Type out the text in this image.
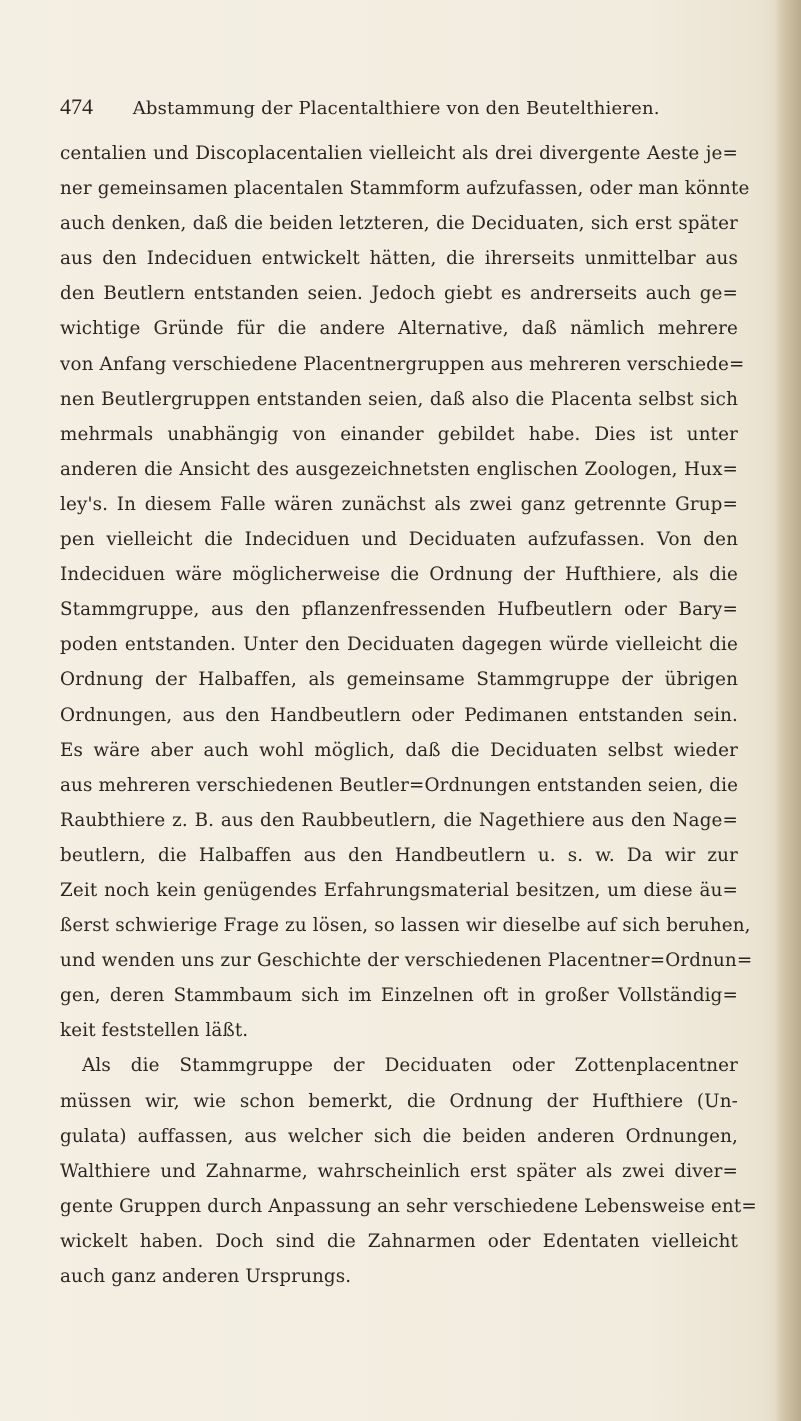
474 Abstammung der Placentalthiere von den Beutelthieren.
centalien und Discoplacentalien vielleicht als drei divergente Aeste je=
ner gemeinsamen placentalen Stammform aufzufassen, oder man könnte
auch denken, daß die beiden letzteren, die Deciduaten, sich erst später
aus den Indeciduen entwickelt hätten, die ihrerseits unmittelbar aus
den Beutlern entstanden seien. Jedoch giebt es andrerseits auch ge=
wichtige Gründe für die andere Alternative, daß nämlich mehrere
von Anfang verschiedene Placentnergruppen aus mehreren verschiede=
nen Beutlergruppen entstanden seien, daß also die Placenta selbst sich
mehrmals unabhängig von einander gebildet habe. Dies ist unter
anderen die Ansicht des ausgezeichnetsten englischen Zoologen, Hux=
ley's. In diesem Falle wären zunächst als zwei ganz getrennte Grup=
pen vielleicht die Indeciduen und Deciduaten aufzufassen. Von den
Indeciduen wäre möglicherweise die Ordnung der Hufthiere, als die
Stammgruppe, aus den pflanzenfressenden Hufbeutlern oder Bary=
poden entstanden. Unter den Deciduaten dagegen würde vielleicht die
Ordnung der Halbaffen, als gemeinsame Stammgruppe der übrigen
Ordnungen, aus den Handbeutlern oder Pedimanen entstanden sein.
Es wäre aber auch wohl möglich, daß die Deciduaten selbst wieder
aus mehreren verschiedenen Beutler=Ordnungen entstanden seien, die
Raubthiere z. B. aus den Raubbeutlern, die Nagethiere aus den Nage=
beutlern, die Halbaffen aus den Handbeutlern u. s. w. Da wir zur
Zeit noch kein genügendes Erfahrungsmaterial besitzen, um diese äu=
ßerst schwierige Frage zu lösen, so lassen wir dieselbe auf sich beruhen,
und wenden uns zur Geschichte der verschiedenen Placentner=Ordnun=
gen, deren Stammbaum sich im Einzelnen oft in großer Vollständig=
keit feststellen läßt.
Als die Stammgruppe der Deciduaten oder Zottenplacentner
müssen wir, wie schon bemerkt, die Ordnung der Hufthiere (Un-
gulata) auffassen, aus welcher sich die beiden anderen Ordnungen,
Walthiere und Zahnarme, wahrscheinlich erst später als zwei diver=
gente Gruppen durch Anpassung an sehr verschiedene Lebensweise ent=
wickelt haben. Doch sind die Zahnarmen oder Edentaten vielleicht
auch ganz anderen Ursprungs.
